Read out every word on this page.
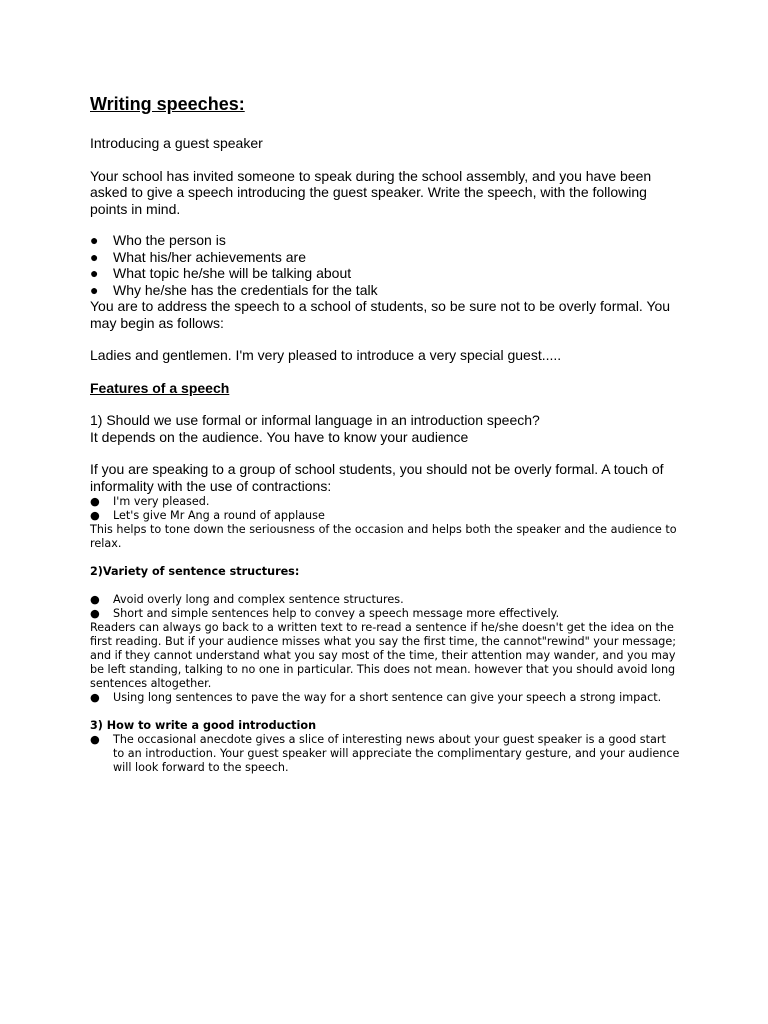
Writing speeches:

Introducing a guest speaker

Your school has invited someone to speak during the school assembly, and you have been asked to give a speech introducing the guest speaker. Write the speech, with the following points in mind.

● Who the person is
● What his/her achievements are
● What topic he/she will be talking about
● Why he/she has the credentials for the talk

You are to address the speech to a school of students, so be sure not to be overly formal. You may begin as follows:

Ladies and gentlemen. I'm very pleased to introduce a very special guest.....

Features of a speech

1) Should we use formal or informal language in an introduction speech?

It depends on the audience. You have to know your audience

If you are speaking to a group of school students, you should not be overly formal. A touch of informality with the use of contractions:

● I'm very pleased.
● Let's give Mr Ang a round of applause

This helps to tone down the seriousness of the occasion and helps both the speaker and the audience to relax.

2)Variety of sentence structures:

● Avoid overly long and complex sentence structures.
● Short and simple sentences help to convey a speech message more effectively.

Readers can always go back to a written text to re-read a sentence if he/she doesn't get the idea on the first reading. But if your audience misses what you say the first time, the cannot"rewind" your message; and if they cannot understand what you say most of the time, their attention may wander, and you may be left standing, talking to no one in particular. This does not mean. however that you should avoid long sentences altogether.

● Using long sentences to pave the way for a short sentence can give your speech a strong impact.

3) How to write a good introduction

● The occasional anecdote gives a slice of interesting news about your guest speaker is a good start to an introduction. Your guest speaker will appreciate the complimentary gesture, and your audience will look forward to the speech.
